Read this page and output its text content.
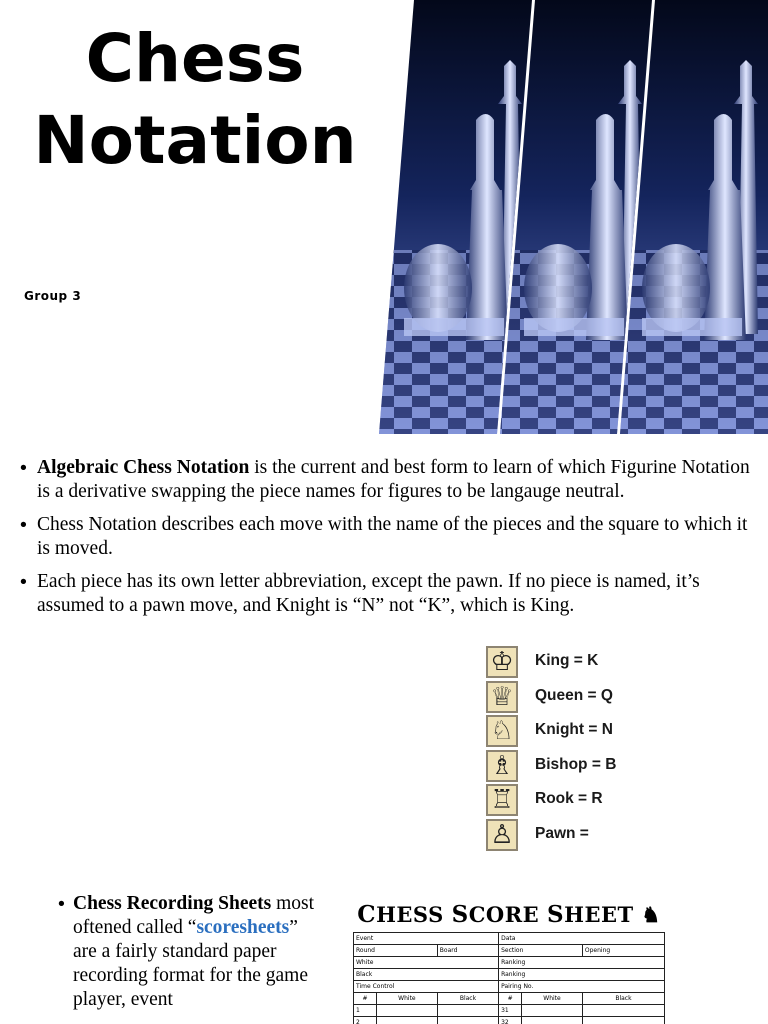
Chess
Notation
Group 3
• Algebraic Chess Notation is the current and best form to learn of which Figurine Notation is a derivative swapping the piece names for figures to be langauge neutral.
• Chess Notation describes each move with the name of the pieces and the square to which it is moved.
• Each piece has its own letter abbreviation, except the pawn. If no piece is named, it’s assumed to a pawn move, and Knight is “N” not “K”, which is King.
♔ King = K
♕ Queen = Q
♘ Knight = N
♗ Bishop = B
♖ Rook = R
♙ Pawn =
• Chess Recording Sheets most oftened called “scoresheets” are a fairly standard paper recording format for the game player, event
CHESS SCORE SHEET ♞
Event			Data		
Round		Board	Section		Opening
White			Ranking		
Black			Ranking		
Time Control			Pairing No.		
#	White	Black	#	White	Black
1			31		
2			32		
